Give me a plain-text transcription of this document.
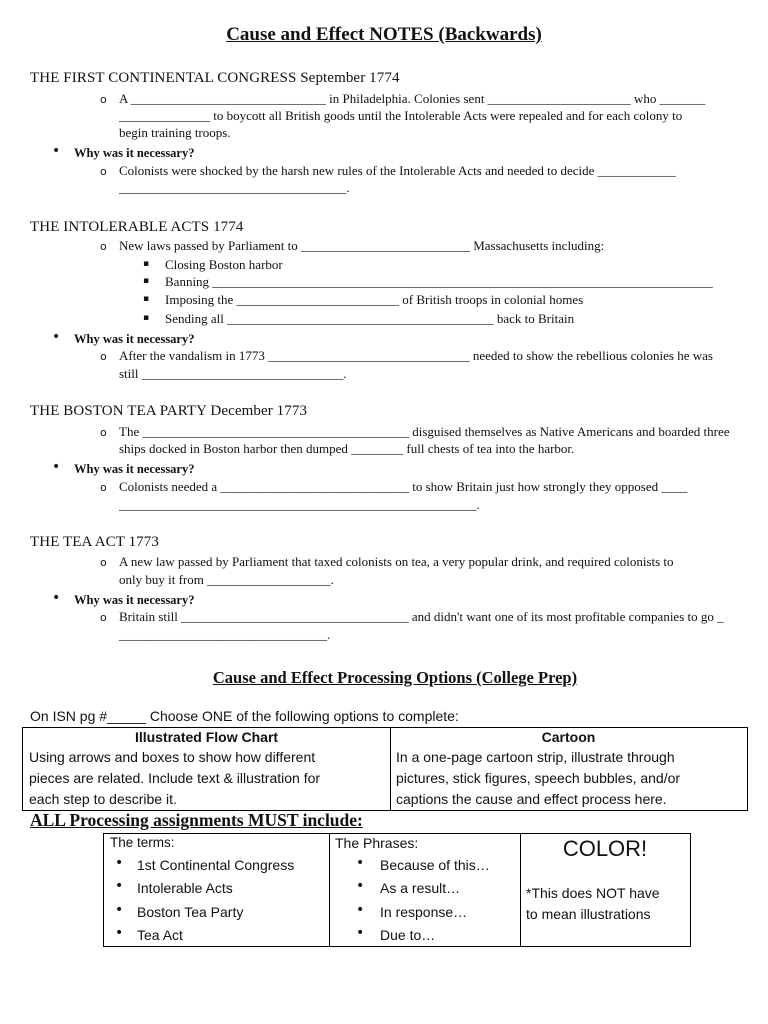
Cause and Effect NOTES (Backwards)
THE FIRST CONTINENTAL CONGRESS September 1774
o A ______________________________ in Philadelphia. Colonies sent ______________________ who _______
______________ to boycott all British goods until the Intolerable Acts were repealed and for each colony to
begin training troops.
• Why was it necessary?
o Colonists were shocked by the harsh new rules of the Intolerable Acts and needed to decide ____________
___________________________________.
THE INTOLERABLE ACTS 1774
o New laws passed by Parliament to __________________________ Massachusetts including:
▪ Closing Boston harbor
▪ Banning _____________________________________________________________________________
▪ Imposing the _________________________ of British troops in colonial homes
▪ Sending all _________________________________________ back to Britain
• Why was it necessary?
o After the vandalism in 1773 _______________________________ needed to show the rebellious colonies he was
still _______________________________.
THE BOSTON TEA PARTY December 1773
o The _________________________________________ disguised themselves as Native Americans and boarded three
ships docked in Boston harbor then dumped ________ full chests of tea into the harbor.
• Why was it necessary?
o Colonists needed a _____________________________ to show Britain just how strongly they opposed ____
_______________________________________________________.
THE TEA ACT 1773
o A new law passed by Parliament that taxed colonists on tea, a very popular drink, and required colonists to
only buy it from ___________________.
• Why was it necessary?
o Britain still ___________________________________ and didn't want one of its most profitable companies to go _
________________________________.
Cause and Effect Processing Options (College Prep)
On ISN pg #_____ Choose ONE of the following options to complete:
Illustrated Flow Chart
Using arrows and boxes to show how different
pieces are related. Include text & illustration for
each step to describe it.
Cartoon
In a one-page cartoon strip, illustrate through
pictures, stick figures, speech bubbles, and/or
captions the cause and effect process here.
ALL Processing assignments MUST include:
The terms:
• 1st Continental Congress
• Intolerable Acts
• Boston Tea Party
• Tea Act
The Phrases:
• Because of this…
• As a result…
• In response…
• Due to…
COLOR!
*This does NOT have
to mean illustrations
